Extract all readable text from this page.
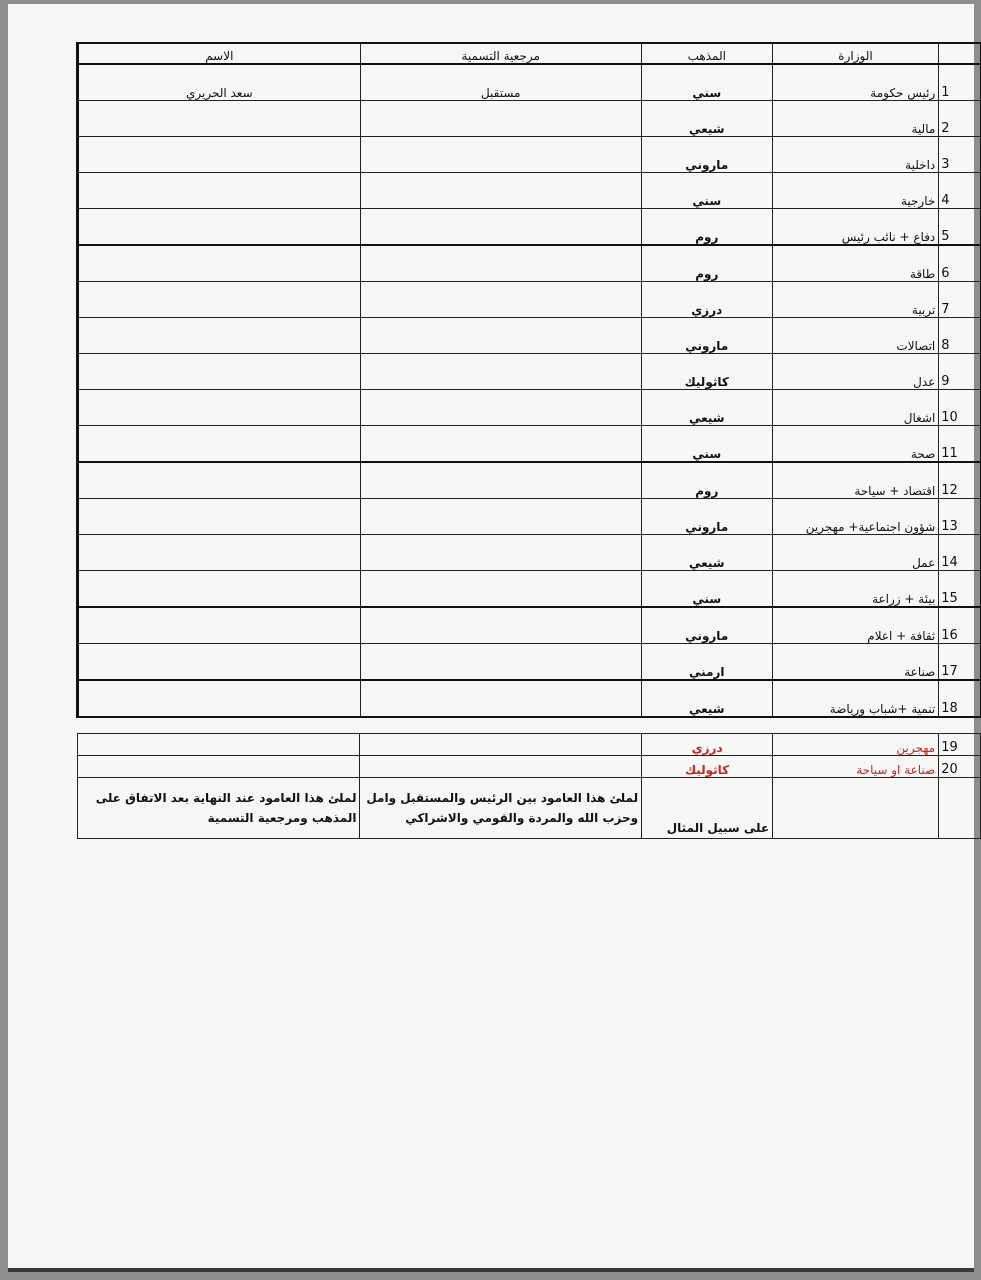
	الوزارة	المذهب	مرجعية التسمية	الاسم
1	رئيس حكومة	سني	مستقبل	سعد الحريري
2	مالية	شيعي		
3	داخلية	ماروني		
4	خارجية	سني		
5	دفاع + نائب رئيس	روم		
6	طاقة	روم		
7	تربية	درزي		
8	اتصالات	ماروني		
9	عدل	كاثوليك		
10	اشغال	شيعي		
11	صحة	سني		
12	اقتصاد + سياحة	روم		
13	شؤون اجتماعية+ مهجرين	ماروني		
14	عمل	شيعي		
15	بيئة + زراعة	سني		
16	ثقافة + اعلام	ماروني		
17	صناعة	ارمني		
18	تنمية +شباب ورياضة	شيعي		
19	مهجرين	درزي		
20	صناعة او سياحة	كاثوليك		
		على سبيل المثال	لملئ هذا العامود بين الرئيس والمستقبل وامل وحزب الله والمردة والقومي والاشراكي	لملئ هذا العامود عند النهاية بعد الاتفاق على المذهب ومرجعية التسمية
